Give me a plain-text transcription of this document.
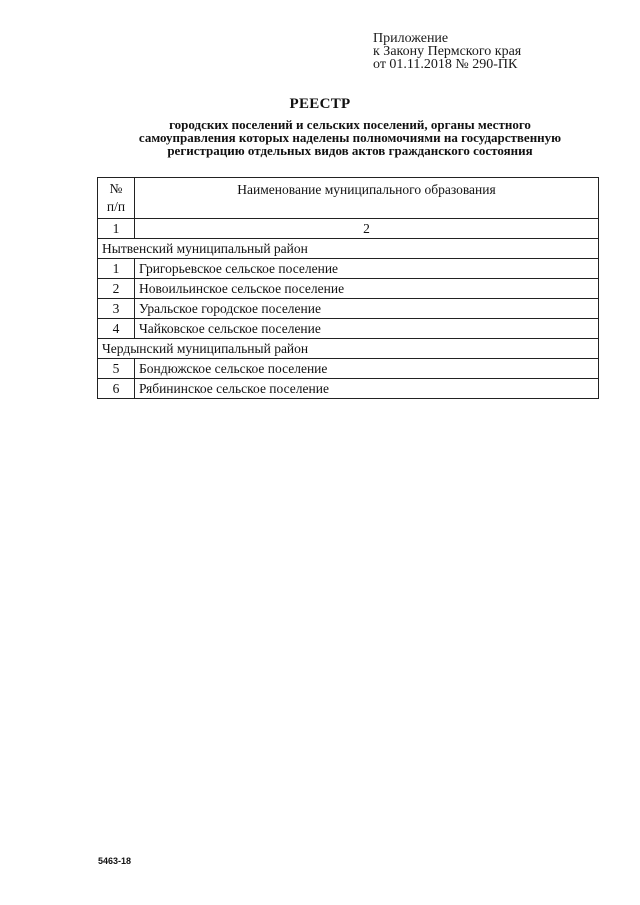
Приложение
к Закону Пермского края
от 01.11.2018 № 290-ПК
РЕЕСТР
городских поселений и сельских поселений, органы местного
самоуправления которых наделены полномочиями на государственную
регистрацию отдельных видов актов гражданского состояния
№
п/п	Наименование муниципального образования
1	2
Нытвенский муниципальный район	
1	Григорьевское сельское поселение
2	Новоильинское сельское поселение
3	Уральское городское поселение
4	Чайковское сельское поселение
Чердынский муниципальный район	
5	Бондюжское сельское поселение
6	Рябининское сельское поселение
5463-18
